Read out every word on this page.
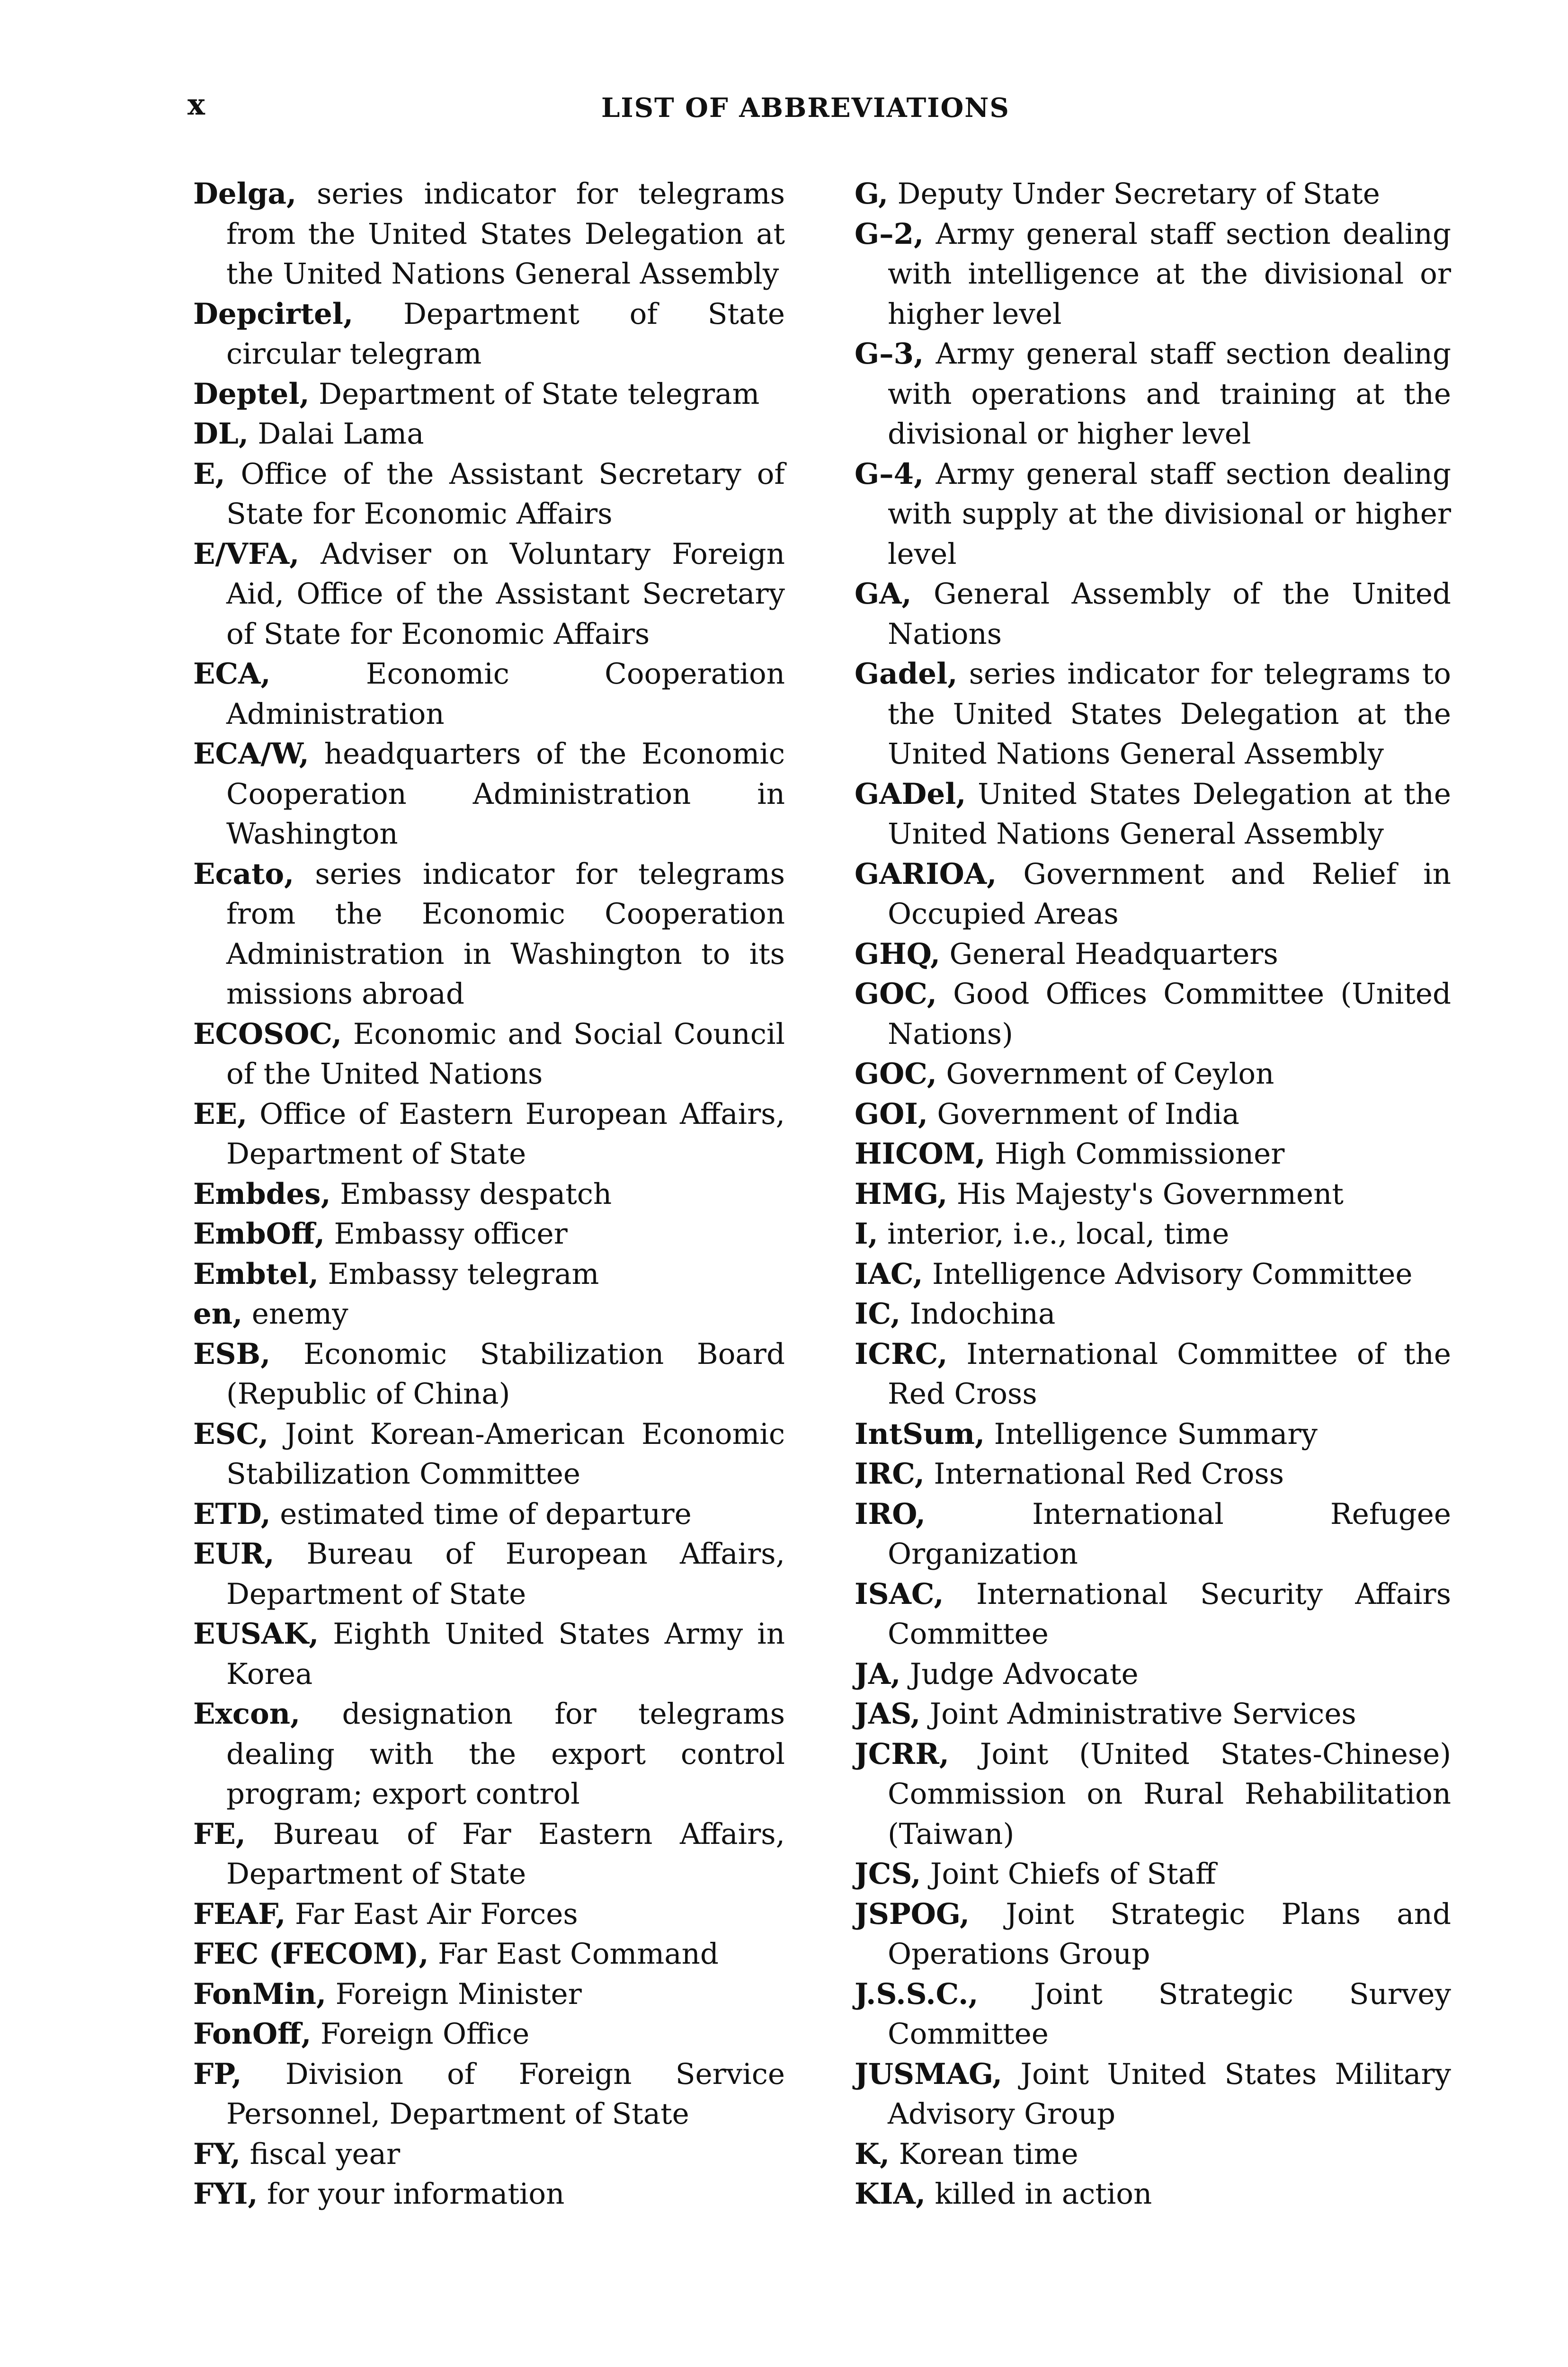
x	LIST OF ABBREVIATIONS

Delga, series indicator for telegrams from the United States Delegation at the United Nations General Assembly

Depcirtel, Department of State circular telegram

Deptel, Department of State telegram

DL, Dalai Lama

E, Office of the Assistant Secretary of State for Economic Affairs

E/VFA, Adviser on Voluntary Foreign Aid, Office of the Assistant Secretary of State for Economic Affairs

ECA, Economic Cooperation Administration

ECA/W, headquarters of the Economic Cooperation Administration in Washington

Ecato, series indicator for telegrams from the Economic Cooperation Administration in Washington to its missions abroad

ECOSOC, Economic and Social Council of the United Nations

EE, Office of Eastern European Affairs, Department of State

Embdes, Embassy despatch

EmbOff, Embassy officer

Embtel, Embassy telegram

en, enemy

ESB, Economic Stabilization Board (Republic of China)

ESC, Joint Korean-American Economic Stabilization Committee

ETD, estimated time of departure

EUR, Bureau of European Affairs, Department of State

EUSAK, Eighth United States Army in Korea

Excon, designation for telegrams dealing with the export control program; export control

FE, Bureau of Far Eastern Affairs, Department of State

FEAF, Far East Air Forces

FEC (FECOM), Far East Command

FonMin, Foreign Minister

FonOff, Foreign Office

FP, Division of Foreign Service Personnel, Department of State

FY, fiscal year

FYI, for your information

G, Deputy Under Secretary of State

G–2, Army general staff section dealing with intelligence at the divisional or higher level

G–3, Army general staff section dealing with operations and training at the divisional or higher level

G–4, Army general staff section dealing with supply at the divisional or higher level

GA, General Assembly of the United Nations

Gadel, series indicator for telegrams to the United States Delegation at the United Nations General Assembly

GADel, United States Delegation at the United Nations General Assembly

GARIOA, Government and Relief in Occupied Areas

GHQ, General Headquarters

GOC, Good Offices Committee (United Nations)

GOC, Government of Ceylon

GOI, Government of India

HICOM, High Commissioner

HMG, His Majesty's Government

I, interior, i.e., local, time

IAC, Intelligence Advisory Committee

IC, Indochina

ICRC, International Committee of the Red Cross

IntSum, Intelligence Summary

IRC, International Red Cross

IRO, International Refugee Organization

ISAC, International Security Affairs Committee

JA, Judge Advocate

JAS, Joint Administrative Services

JCRR, Joint (United States-Chinese) Commission on Rural Rehabilitation (Taiwan)

JCS, Joint Chiefs of Staff

JSPOG, Joint Strategic Plans and Operations Group

J.S.S.C., Joint Strategic Survey Committee

JUSMAG, Joint United States Military Advisory Group

K, Korean time

KIA, killed in action
